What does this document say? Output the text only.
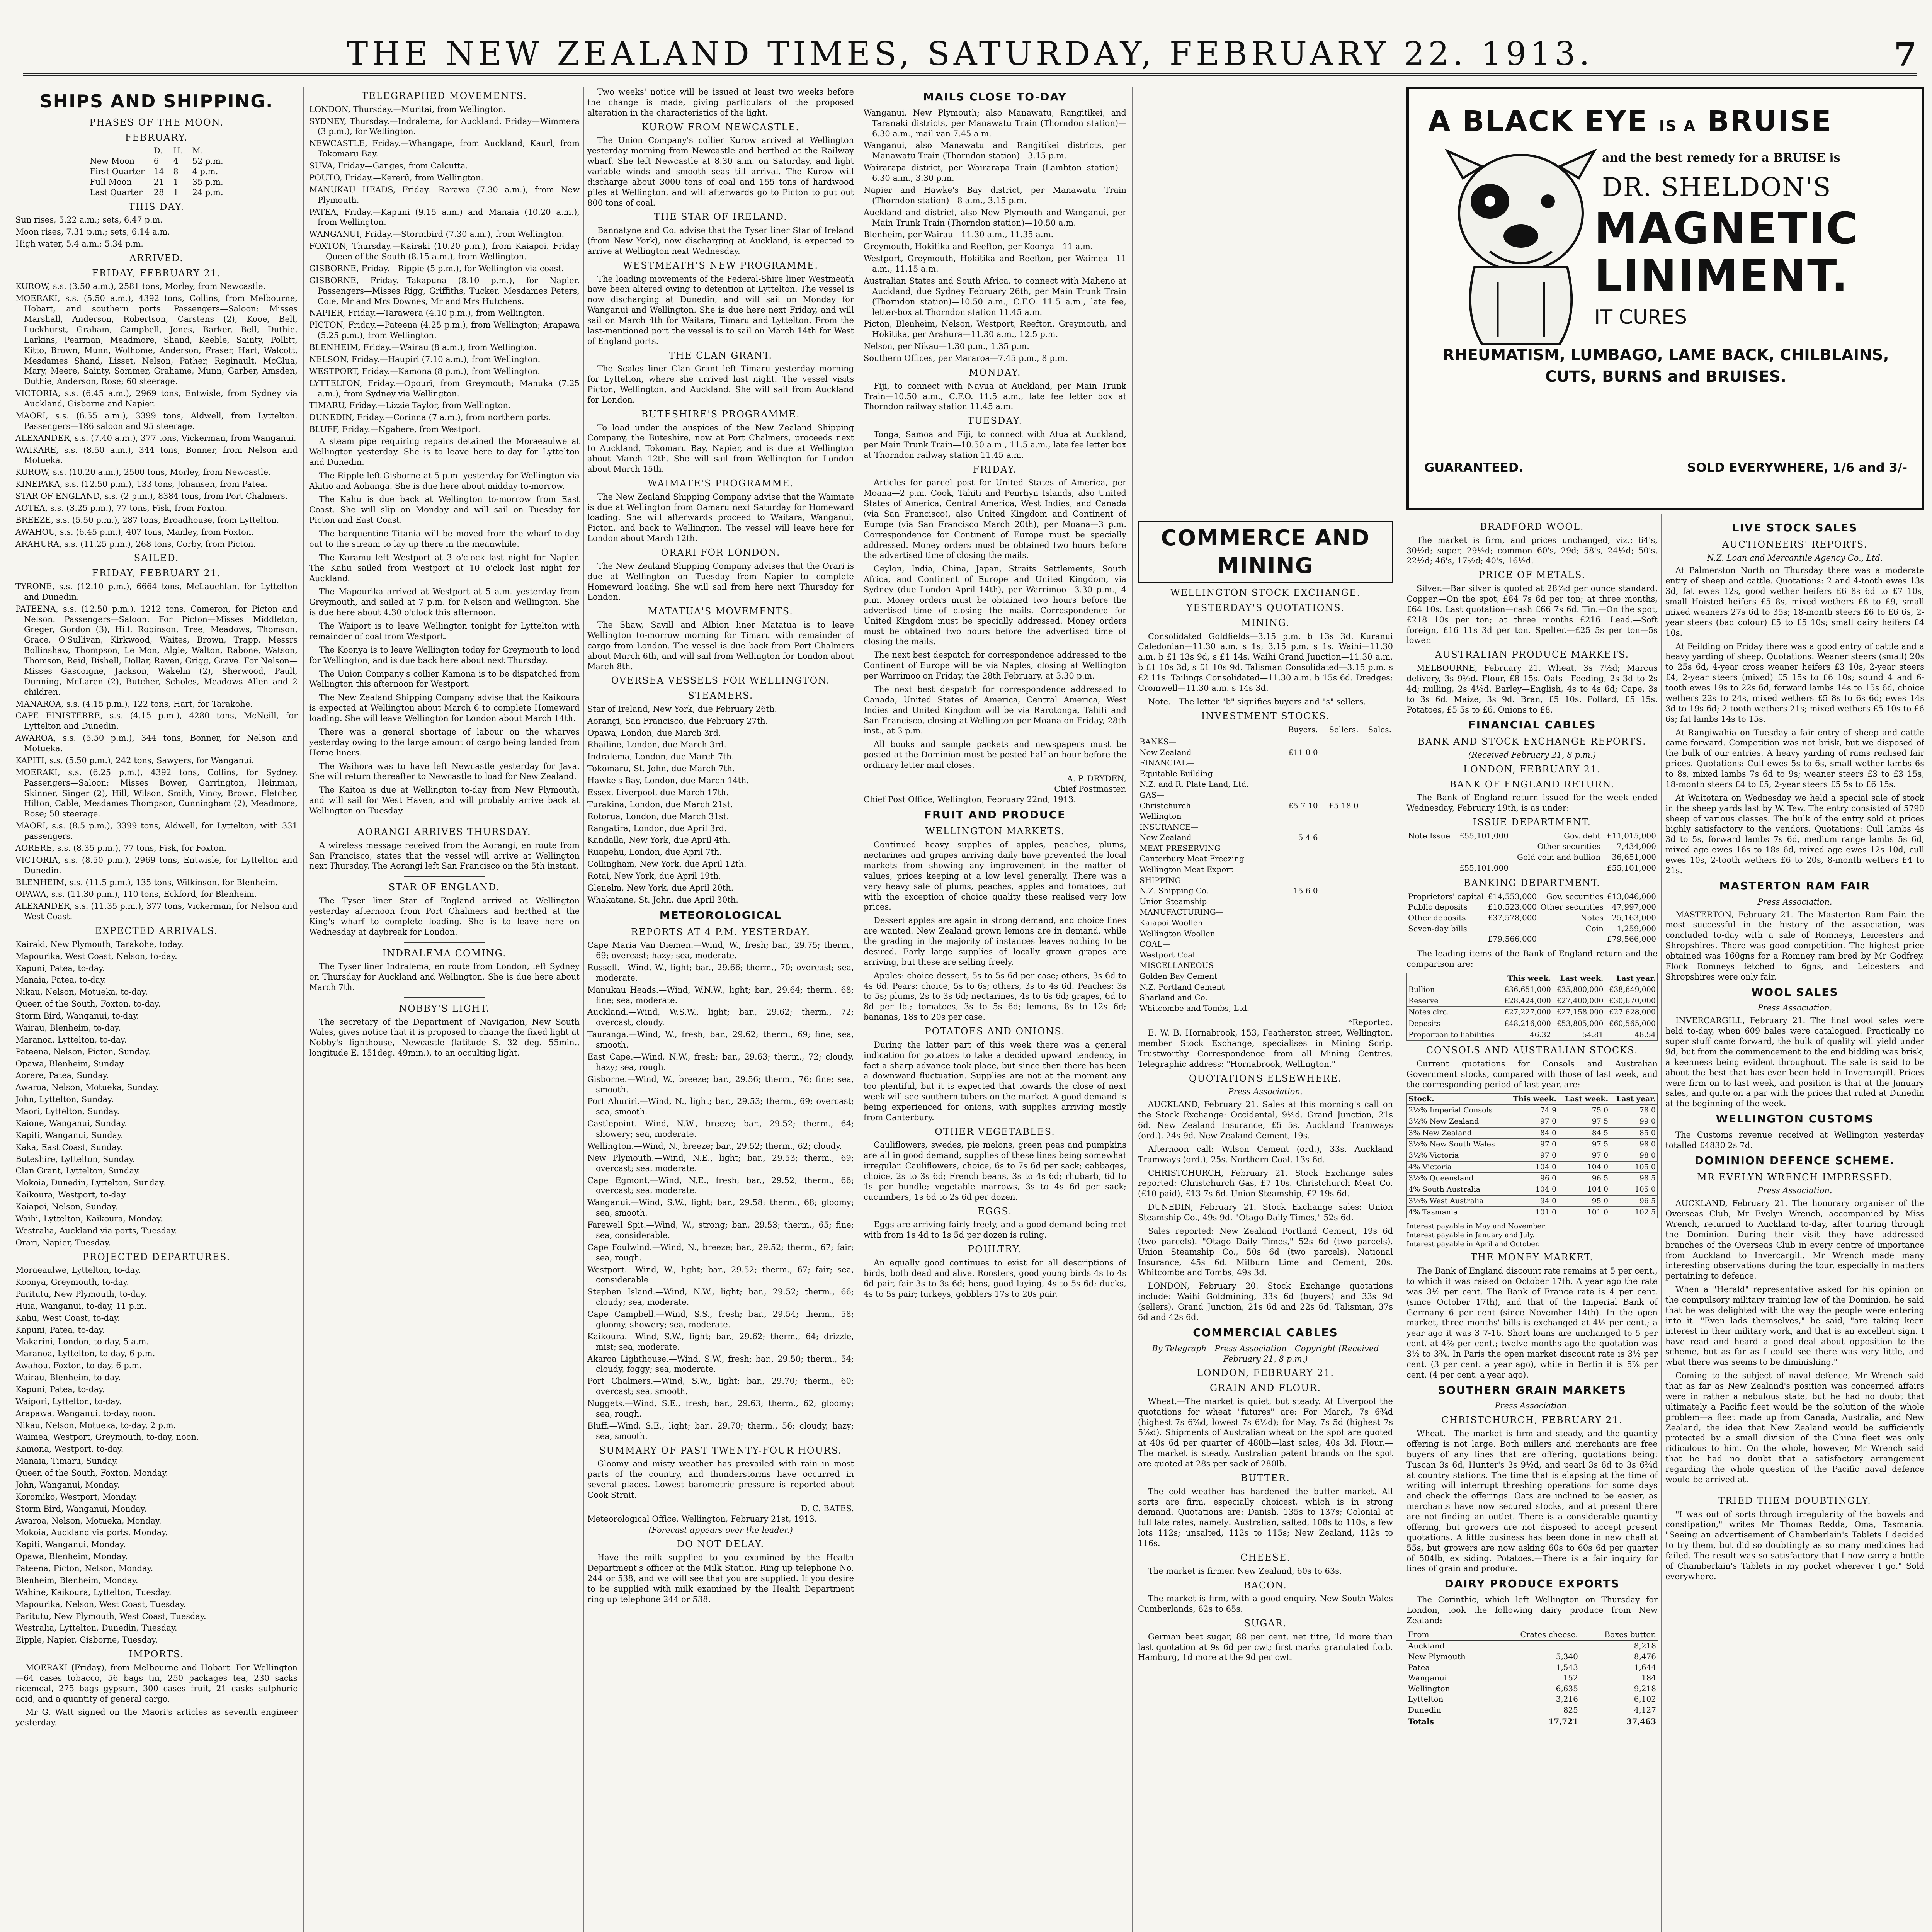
THE NEW ZEALAND TIMES, SATURDAY, FEBRUARY 22. 1913.	7
SHIPS AND SHIPPING.
PHASES OF THE MOON.
FEBRUARY.
	D.	H.	M.
New Moon	6	4	52 p.m.
First Quarter	14	8	4 p.m.
Full Moon	21	1	35 p.m.
Last Quarter	28	1	24 p.m.
THIS DAY.

Sun rises, 5.22 a.m.; sets, 6.47 p.m.

Moon rises, 7.31 p.m.; sets, 6.14 a.m.

High water, 5.4 a.m.; 5.34 p.m.

ARRIVED.
FRIDAY, FEBRUARY 21.

KUROW, s.s. (3.50 a.m.), 2581 tons, Morley, from Newcastle.

MOERAKI, s.s. (5.50 a.m.), 4392 tons, Collins, from Melbourne, Hobart, and southern ports. Passengers—Saloon: Misses Marshall, Anderson, Robertson, Carstens (2), Kooe, Bell, Luckhurst, Graham, Campbell, Jones, Barker, Bell, Duthie, Larkins, Pearman, Meadmore, Shand, Keeble, Sainty, Pollitt, Kitto, Brown, Munn, Wolhome, Anderson, Fraser, Hart, Walcott, Mesdames Shand, Lisset, Nelson, Pather, Reginault, McGlua, Mary, Meere, Sainty, Sommer, Grahame, Munn, Garber, Amsden, Duthie, Anderson, Rose; 60 steerage.

VICTORIA, s.s. (6.45 a.m.), 2969 tons, Entwisle, from Sydney via Auckland, Gisborne and Napier.

MAORI, s.s. (6.55 a.m.), 3399 tons, Aldwell, from Lyttelton. Passengers—186 saloon and 95 steerage.

ALEXANDER, s.s. (7.40 a.m.), 377 tons, Vickerman, from Wanganui.

WAIKARE, s.s. (8.50 a.m.), 344 tons, Bonner, from Nelson and Motueka.

KUROW, s.s. (10.20 a.m.), 2500 tons, Morley, from Newcastle.

KINEPAKA, s.s. (12.50 p.m.), 133 tons, Johansen, from Patea.

STAR OF ENGLAND, s.s. (2 p.m.), 8384 tons, from Port Chalmers.

AOTEA, s.s. (3.25 p.m.), 77 tons, Fisk, from Foxton.

BREEZE, s.s. (5.50 p.m.), 287 tons, Broadhouse, from Lyttelton.

AWAHOU, s.s. (6.45 p.m.), 407 tons, Manley, from Foxton.

ARAHURA, s.s. (11.25 p.m.), 268 tons, Corby, from Picton.

SAILED.
FRIDAY, FEBRUARY 21.

TYRONE, s.s. (12.10 p.m.), 6664 tons, McLauchlan, for Lyttelton and Dunedin.

PATEENA, s.s. (12.50 p.m.), 1212 tons, Cameron, for Picton and Nelson. Passengers—Saloon: For Picton—Misses Middleton, Greger, Gordon (3), Hill, Robinson, Tree, Meadows, Thomson, Grace, O'Sullivan, Kirkwood, Waites, Brown, Trapp, Messrs Bollinshaw, Thompson, Le Mon, Algie, Walton, Rabone, Watson, Thomson, Reid, Bishell, Dollar, Raven, Grigg, Grave. For Nelson—Misses Gascoigne, Jackson, Wakelin (2), Sherwood, Paull, Dunning, McLaren (2), Butcher, Scholes, Meadows Allen and 2 children.

MANAROA, s.s. (4.15 p.m.), 122 tons, Hart, for Tarakohe.

CAPE FINISTERRE, s.s. (4.15 p.m.), 4280 tons, McNeill, for Lyttelton and Dunedin.

AWAROA, s.s. (5.50 p.m.), 344 tons, Bonner, for Nelson and Motueka.

KAPITI, s.s. (5.50 p.m.), 242 tons, Sawyers, for Wanganui.

MOERAKI, s.s. (6.25 p.m.), 4392 tons, Collins, for Sydney. Passengers—Saloon: Misses Bower, Garrington, Heinman, Skinner, Singer (2), Hill, Wilson, Smith, Vincy, Brown, Fletcher, Hilton, Cable, Mesdames Thompson, Cunningham (2), Meadmore, Rose; 50 steerage.

MAORI, s.s. (8.5 p.m.), 3399 tons, Aldwell, for Lyttelton, with 331 passengers.

AORERE, s.s. (8.35 p.m.), 77 tons, Fisk, for Foxton.

VICTORIA, s.s. (8.50 p.m.), 2969 tons, Entwisle, for Lyttelton and Dunedin.

BLENHEIM, s.s. (11.5 p.m.), 135 tons, Wilkinson, for Blenheim.

OPAWA, s.s. (11.30 p.m.), 110 tons, Eckford, for Blenheim.

ALEXANDER, s.s. (11.35 p.m.), 377 tons, Vickerman, for Nelson and West Coast.

EXPECTED ARRIVALS.

Kairaki, New Plymouth, Tarakohe, today.

Mapourika, West Coast, Nelson, to-day.

Kapuni, Patea, to-day.

Manaia, Patea, to-day.

Nikau, Nelson, Motueka, to-day.

Queen of the South, Foxton, to-day.

Storm Bird, Wanganui, to-day.

Wairau, Blenheim, to-day.

Maranoa, Lyttelton, to-day.

Pateena, Nelson, Picton, Sunday.

Opawa, Blenheim, Sunday.

Aorere, Patea, Sunday.

Awaroa, Nelson, Motueka, Sunday.

John, Lyttelton, Sunday.

Maori, Lyttelton, Sunday.

Kaione, Wanganui, Sunday.

Kapiti, Wanganui, Sunday.

Kaka, East Coast, Sunday.

Buteshire, Lyttelton, Sunday.

Clan Grant, Lyttelton, Sunday.

Mokoia, Dunedin, Lyttelton, Sunday.

Kaikoura, Westport, to-day.

Kaiapoi, Nelson, Sunday.

Waihi, Lyttelton, Kaikoura, Monday.

Westralia, Auckland via ports, Tuesday.

Orari, Napier, Tuesday.

PROJECTED DEPARTURES.

Moraeaulwe, Lyttelton, to-day.

Koonya, Greymouth, to-day.

Paritutu, New Plymouth, to-day.

Huia, Wanganui, to-day, 11 p.m.

Kahu, West Coast, to-day.

Kapuni, Patea, to-day.

Makarini, London, to-day, 5 a.m.

Maranoa, Lyttelton, to-day, 6 p.m.

Awahou, Foxton, to-day, 6 p.m.

Wairau, Blenheim, to-day.

Kapuni, Patea, to-day.

Waipori, Lyttelton, to-day.

Arapawa, Wanganui, to-day, noon.

Nikau, Nelson, Motueka, to-day, 2 p.m.

Waimea, Westport, Greymouth, to-day, noon.

Kamona, Westport, to-day.

Manaia, Timaru, Sunday.

Queen of the South, Foxton, Monday.

John, Wanganui, Monday.

Koromiko, Westport, Monday.

Storm Bird, Wanganui, Monday.

Awaroa, Nelson, Motueka, Monday.

Mokoia, Auckland via ports, Monday.

Kapiti, Wanganui, Monday.

Opawa, Blenheim, Monday.

Pateena, Picton, Nelson, Monday.

Blenheim, Blenheim, Monday.

Wahine, Kaikoura, Lyttelton, Tuesday.

Mapourika, Nelson, West Coast, Tuesday.

Paritutu, New Plymouth, West Coast, Tuesday.

Westralia, Lyttelton, Dunedin, Tuesday.

Eipple, Napier, Gisborne, Tuesday.

IMPORTS.

MOERAKI (Friday), from Melbourne and Hobart. For Wellington—64 cases tobacco, 56 bags tin, 250 packages tea, 230 sacks ricemeal, 275 bags gypsum, 300 cases fruit, 21 casks sulphuric acid, and a quantity of general cargo.

Mr G. Watt signed on the Maori's articles as seventh engineer yesterday.

TELEGRAPHED MOVEMENTS.

LONDON, Thursday.—Muritai, from Wellington.

SYDNEY, Thursday.—Indralema, for Auckland. Friday—Wimmera (3 p.m.), for Wellington.

NEWCASTLE, Friday.—Whangape, from Auckland; Kaurl, from Tokomaru Bay.

SUVA, Friday—Ganges, from Calcutta.

POUTO, Friday.—Kererū, from Wellington.

MANUKAU HEADS, Friday.—Rarawa (7.30 a.m.), from New Plymouth.

PATEA, Friday.—Kapuni (9.15 a.m.) and Manaia (10.20 a.m.), from Wellington.

WANGANUI, Friday.—Stormbird (7.30 a.m.), from Wellington.

FOXTON, Thursday.—Kairaki (10.20 p.m.), from Kaiapoi. Friday—Queen of the South (8.15 a.m.), from Wellington.

GISBORNE, Friday.—Rippie (5 p.m.), for Wellington via coast.

GISBORNE, Friday.—Takapuna (8.10 p.m.), for Napier. Passengers—Misses Rigg, Griffiths, Tucker, Mesdames Peters, Cole, Mr and Mrs Downes, Mr and Mrs Hutchens.

NAPIER, Friday.—Tarawera (4.10 p.m.), from Wellington.

PICTON, Friday.—Pateena (4.25 p.m.), from Wellington; Arapawa (5.25 p.m.), from Wellington.

BLENHEIM, Friday.—Wairau (8 a.m.), from Wellington.

NELSON, Friday.—Haupiri (7.10 a.m.), from Wellington.

WESTPORT, Friday.—Kamona (8 p.m.), from Wellington.

LYTTELTON, Friday.—Opouri, from Greymouth; Manuka (7.25 a.m.), from Sydney via Wellington.

TIMARU, Friday.—Lizzie Taylor, from Wellington.

DUNEDIN, Friday.—Corinna (7 a.m.), from northern ports.

BLUFF, Friday.—Ngahere, from Westport.

A steam pipe requiring repairs detained the Moraeaulwe at Wellington yesterday. She is to leave here to-day for Lyttelton and Dunedin.

The Ripple left Gisborne at 5 p.m. yesterday for Wellington via Akitio and Aohanga. She is due here about midday to-morrow.

The Kahu is due back at Wellington to-morrow from East Coast. She will slip on Monday and will sail on Tuesday for Picton and East Coast.

The barquentine Titania will be moved from the wharf to-day out to the stream to lay up there in the meanwhile.

The Karamu left Westport at 3 o'clock last night for Napier. The Kahu sailed from Westport at 10 o'clock last night for Auckland.

The Mapourika arrived at Westport at 5 a.m. yesterday from Greymouth, and sailed at 7 p.m. for Nelson and Wellington. She is due here about 4.30 o'clock this afternoon.

The Waiport is to leave Wellington tonight for Lyttelton with remainder of coal from Westport.

The Koonya is to leave Wellington today for Greymouth to load for Wellington, and is due back here about next Thursday.

The Union Company's collier Kamona is to be dispatched from Wellington this afternoon for Westport.

The New Zealand Shipping Company advise that the Kaikoura is expected at Wellington about March 6 to complete Homeward loading. She will leave Wellington for London about March 14th.

There was a general shortage of labour on the wharves yesterday owing to the large amount of cargo being landed from Home liners.

The Waihora was to have left Newcastle yesterday for Java. She will return thereafter to Newcastle to load for New Zealand.

The Kaitoa is due at Wellington to-day from New Plymouth, and will sail for West Haven, and will probably arrive back at Wellington on Tuesday.

AORANGI ARRIVES THURSDAY.

A wireless message received from the Aorangi, en route from San Francisco, states that the vessel will arrive at Wellington next Thursday. The Aorangi left San Francisco on the 5th instant.

STAR OF ENGLAND.

The Tyser liner Star of England arrived at Wellington yesterday afternoon from Port Chalmers and berthed at the King's wharf to complete loading. She is to leave here on Wednesday at daybreak for London.

INDRALEMA COMING.

The Tyser liner Indralema, en route from London, left Sydney on Thursday for Auckland and Wellington. She is due here about March 7th.

NOBBY'S LIGHT.

The secretary of the Department of Navigation, New South Wales, gives notice that it is proposed to change the fixed light at Nobby's lighthouse, Newcastle (latitude S. 32 deg. 55min., longitude E. 151deg. 49min.), to an occulting light.

Two weeks' notice will be issued at least two weeks before the change is made, giving particulars of the proposed alteration in the characteristics of the light.

KUROW FROM NEWCASTLE.

The Union Company's collier Kurow arrived at Wellington yesterday morning from Newcastle and berthed at the Railway wharf. She left Newcastle at 8.30 a.m. on Saturday, and light variable winds and smooth seas till arrival. The Kurow will discharge about 3000 tons of coal and 155 tons of hardwood piles at Wellington, and will afterwards go to Picton to put out 800 tons of coal.

THE STAR OF IRELAND.

Bannatyne and Co. advise that the Tyser liner Star of Ireland (from New York), now discharging at Auckland, is expected to arrive at Wellington next Wednesday.

WESTMEATH'S NEW PROGRAMME.

The loading movements of the Federal-Shire liner Westmeath have been altered owing to detention at Lyttelton. The vessel is now discharging at Dunedin, and will sail on Monday for Wanganui and Wellington. She is due here next Friday, and will sail on March 4th for Waitara, Timaru and Lyttelton. From the last-mentioned port the vessel is to sail on March 14th for West of England ports.

THE CLAN GRANT.

The Scales liner Clan Grant left Timaru yesterday morning for Lyttelton, where she arrived last night. The vessel visits Picton, Wellington, and Auckland. She will sail from Auckland for London.

BUTESHIRE'S PROGRAMME.

To load under the auspices of the New Zealand Shipping Company, the Buteshire, now at Port Chalmers, proceeds next to Auckland, Tokomaru Bay, Napier, and is due at Wellington about March 12th. She will sail from Wellington for London about March 15th.

WAIMATE'S PROGRAMME.

The New Zealand Shipping Company advise that the Waimate is due at Wellington from Oamaru next Saturday for Homeward loading. She will afterwards proceed to Waitara, Wanganui, Picton, and back to Wellington. The vessel will leave here for London about March 12th.

ORARI FOR LONDON.

The New Zealand Shipping Company advises that the Orari is due at Wellington on Tuesday from Napier to complete Homeward loading. She will sail from here next Thursday for London.

MATATUA'S MOVEMENTS.

The Shaw, Savill and Albion liner Matatua is to leave Wellington to-morrow morning for Timaru with remainder of cargo from London. The vessel is due back from Port Chalmers about March 6th, and will sail from Wellington for London about March 8th.

OVERSEA VESSELS FOR WELLINGTON.
STEAMERS.

Star of Ireland, New York, due February 26th.

Aorangi, San Francisco, due February 27th.

Opawa, London, due March 3rd.

Rhailine, London, due March 3rd.

Indralema, London, due March 7th.

Tokomaru, St. John, due March 7th.

Hawke's Bay, London, due March 14th.

Essex, Liverpool, due March 17th.

Turakina, London, due March 21st.

Rotorua, London, due March 31st.

Rangatira, London, due April 3rd.

Kandalla, New York, due April 4th.

Ruapehu, London, due April 7th.

Collingham, New York, due April 12th.

Rotai, New York, due April 19th.

Glenelm, New York, due April 20th.

Whakatane, St. John, due April 30th.

METEOROLOGICAL
REPORTS AT 4 P.M. YESTERDAY.

Cape Maria Van Diemen.—Wind, W., fresh; bar., 29.75; therm., 69; overcast; hazy; sea, moderate.

Russell.—Wind, W., light; bar., 29.66; therm., 70; overcast; sea, moderate.

Manukau Heads.—Wind, W.N.W., light; bar., 29.64; therm., 68; fine; sea, moderate.

Auckland.—Wind, W.S.W., light; bar., 29.62; therm., 72; overcast, cloudy.

Tauranga.—Wind, W., fresh; bar., 29.62; therm., 69; fine; sea, smooth.

East Cape.—Wind, N.W., fresh; bar., 29.63; therm., 72; cloudy, hazy; sea, rough.

Gisborne.—Wind, W., breeze; bar., 29.56; therm., 76; fine; sea, smooth.

Port Ahuriri.—Wind, N., light; bar., 29.53; therm., 69; overcast; sea, smooth.

Castlepoint.—Wind, N.W., breeze; bar., 29.52; therm., 64; showery; sea, moderate.

Wellington.—Wind, N., breeze; bar., 29.52; therm., 62; cloudy.

New Plymouth.—Wind, N.E., light; bar., 29.53; therm., 69; overcast; sea, moderate.

Cape Egmont.—Wind, N.E., fresh; bar., 29.52; therm., 66; overcast; sea, moderate.

Wanganui.—Wind, S.W., light; bar., 29.58; therm., 68; gloomy; sea, smooth.

Farewell Spit.—Wind, W., strong; bar., 29.53; therm., 65; fine; sea, considerable.

Cape Foulwind.—Wind, N., breeze; bar., 29.52; therm., 67; fair; sea, rough.

Westport.—Wind, W., light; bar., 29.52; therm., 67; fair; sea, considerable.

Stephen Island.—Wind, N.W., light; bar., 29.52; therm., 66; cloudy; sea, moderate.

Cape Campbell.—Wind, S.S., fresh; bar., 29.54; therm., 58; gloomy, showery; sea, moderate.

Kaikoura.—Wind, S.W., light; bar., 29.62; therm., 64; drizzle, mist; sea, moderate.

Akaroa Lighthouse.—Wind, S.W., fresh; bar., 29.50; therm., 54; cloudy, foggy; sea, moderate.

Port Chalmers.—Wind, S.W., light; bar., 29.70; therm., 60; overcast; sea, smooth.

Nuggets.—Wind, S.E., fresh; bar., 29.63; therm., 62; gloomy; sea, rough.

Bluff.—Wind, S.E., light; bar., 29.70; therm., 56; cloudy, hazy; sea, smooth.

SUMMARY OF PAST TWENTY-FOUR HOURS.

Gloomy and misty weather has prevailed with rain in most parts of the country, and thunderstorms have occurred in several places. Lowest barometric pressure is reported about Cook Strait.

D. C. BATES.
Meteorological Office, Wellington, February 21st, 1913.
(Forecast appears over the leader.)
DO NOT DELAY.

Have the milk supplied to you examined by the Health Department's officer at the Milk Station. Ring up telephone No. 244 or 538, and we will see that you are supplied. If you desire to be supplied with milk examined by the Health Department ring up telephone 244 or 538.

MAILS CLOSE TO-DAY

Wanganui, New Plymouth; also Manawatu, Rangitikei, and Taranaki districts, per Manawatu Train (Thorndon station)—6.30 a.m., mail van 7.45 a.m.

Wanganui, also Manawatu and Rangitikei districts, per Manawatu Train (Thorndon station)—3.15 p.m.

Wairarapa district, per Wairarapa Train (Lambton station)—6.30 a.m., 3.30 p.m.

Napier and Hawke's Bay district, per Manawatu Train (Thorndon station)—8 a.m., 3.15 p.m.

Auckland and district, also New Plymouth and Wanganui, per Main Trunk Train (Thorndon station)—10.50 a.m.

Blenheim, per Wairau—11.30 a.m., 11.35 a.m.

Greymouth, Hokitika and Reefton, per Koonya—11 a.m.

Westport, Greymouth, Hokitika and Reefton, per Waimea—11 a.m., 11.15 a.m.

Australian States and South Africa, to connect with Maheno at Auckland, due Sydney February 26th, per Main Trunk Train (Thorndon station)—10.50 a.m., C.F.O. 11.5 a.m., late fee, letter-box at Thorndon station 11.45 a.m.

Picton, Blenheim, Nelson, Westport, Reefton, Greymouth, and Hokitika, per Arahura—11.30 a.m., 12.5 p.m.

Nelson, per Nikau—1.30 p.m., 1.35 p.m.

Southern Offices, per Mararoa—7.45 p.m., 8 p.m.

MONDAY.

Fiji, to connect with Navua at Auckland, per Main Trunk Train—10.50 a.m., C.F.O. 11.5 a.m., late fee letter box at Thorndon railway station 11.45 a.m.

TUESDAY.

Tonga, Samoa and Fiji, to connect with Atua at Auckland, per Main Trunk Train—10.50 a.m., 11.5 a.m., late fee letter box at Thorndon railway station 11.45 a.m.

FRIDAY.

Articles for parcel post for United States of America, per Moana—2 p.m. Cook, Tahiti and Penrhyn Islands, also United States of America, Central America, West Indies, and Canada (via San Francisco), also United Kingdom and Continent of Europe (via San Francisco March 20th), per Moana—3 p.m. Correspondence for Continent of Europe must be specially addressed. Money orders must be obtained two hours before the advertised time of closing the mails.

Ceylon, India, China, Japan, Straits Settlements, South Africa, and Continent of Europe and United Kingdom, via Sydney (due London April 14th), per Warrimoo—3.30 p.m., 4 p.m. Money orders must be obtained two hours before the advertised time of closing the mails. Correspondence for United Kingdom must be specially addressed. Money orders must be obtained two hours before the advertised time of closing the mails.

The next best despatch for correspondence addressed to the Continent of Europe will be via Naples, closing at Wellington per Warrimoo on Friday, the 28th February, at 3.30 p.m.

The next best despatch for correspondence addressed to Canada, United States of America, Central America, West Indies and United Kingdom will be via Rarotonga, Tahiti and San Francisco, closing at Wellington per Moana on Friday, 28th inst., at 3 p.m.

All books and sample packets and newspapers must be posted at the Dominion must be posted half an hour before the ordinary letter mail closes.

A. P. DRYDEN,
Chief Postmaster.
Chief Post Office, Wellington, February 22nd, 1913.
FRUIT AND PRODUCE
WELLINGTON MARKETS.

Continued heavy supplies of apples, peaches, plums, nectarines and grapes arriving daily have prevented the local markets from showing any improvement in the matter of values, prices keeping at a low level generally. There was a very heavy sale of plums, peaches, apples and tomatoes, but with the exception of choice quality these realised very low prices.

Dessert apples are again in strong demand, and choice lines are wanted. New Zealand grown lemons are in demand, while the grading in the majority of instances leaves nothing to be desired. Early large supplies of locally grown grapes are arriving, but these are selling freely.

Apples: choice dessert, 5s to 5s 6d per case; others, 3s 6d to 4s 6d. Pears: choice, 5s to 6s; others, 3s to 4s 6d. Peaches: 3s to 5s; plums, 2s to 3s 6d; nectarines, 4s to 6s 6d; grapes, 6d to 8d per lb.; tomatoes, 3s to 5s 6d; lemons, 8s to 12s 6d; bananas, 18s to 20s per case.

POTATOES AND ONIONS.

During the latter part of this week there was a general indication for potatoes to take a decided upward tendency, in fact a sharp advance took place, but since then there has been a downward fluctuation. Supplies are not at the moment any too plentiful, but it is expected that towards the close of next week will see southern tubers on the market. A good demand is being experienced for onions, with supplies arriving mostly from Canterbury.

OTHER VEGETABLES.

Cauliflowers, swedes, pie melons, green peas and pumpkins are all in good demand, supplies of these lines being somewhat irregular. Cauliflowers, choice, 6s to 7s 6d per sack; cabbages, choice, 2s to 3s 6d; French beans, 3s to 4s 6d; rhubarb, 6d to 1s per bundle; vegetable marrows, 3s to 4s 6d per sack; cucumbers, 1s 6d to 2s 6d per dozen.

EGGS.

Eggs are arriving fairly freely, and a good demand being met with from 1s 4d to 1s 5d per dozen is ruling.

POULTRY.

An equally good continues to exist for all descriptions of birds, both dead and alive. Roosters, good young birds 4s to 4s 6d pair, fair 3s to 3s 6d; hens, good laying, 4s to 5s 6d; ducks, 4s to 5s pair; turkeys, gobblers 17s to 20s pair.

COMMERCE AND MINING
WELLINGTON STOCK EXCHANGE.
YESTERDAY'S QUOTATIONS.
MINING.

Consolidated Goldfields—3.15 p.m. b 13s 3d. Kuranui Caledonian—11.30 a.m. s 1s; 3.15 p.m. s 1s. Waihi—11.30 a.m. b £1 13s 9d, s £1 14s. Waihi Grand Junction—11.30 a.m. b £1 10s 3d, s £1 10s 9d. Talisman Consolidated—3.15 p.m. s £2 11s. Tailings Consolidated—11.30 a.m. b 15s 6d. Dredges: Cromwell—11.30 a.m. s 14s 3d.

Note.—The letter "b" signifies buyers and "s" sellers.

INVESTMENT STOCKS.
	Buyers.	Sellers.	Sales.
BANKS—			
New Zealand	£11 0 0		
FINANCIAL—			
Equitable Building			
N.Z. and R. Plate Land, Ltd.			
GAS—			
Christchurch	£5 7 10	£5 18 0	
Wellington			
INSURANCE—			
New Zealand	5 4 6		
MEAT PRESERVING—			
Canterbury Meat Freezing			
Wellington Meat Export			
SHIPPING—			
N.Z. Shipping Co.	15 6 0		
Union Steamship			
MANUFACTURING—			
Kaiapoi Woollen			
Wellington Woollen			
COAL—			
Westport Coal			
MISCELLANEOUS—			
Golden Bay Cement			
N.Z. Portland Cement			
Sharland and Co.			
Whitcombe and Tombs, Ltd.			
*Reported.

E. W. B. Hornabrook, 153, Featherston street, Wellington, member Stock Exchange, specialises in Mining Scrip. Trustworthy Correspondence from all Mining Centres. Telegraphic address: "Hornabrook, Wellington."

QUOTATIONS ELSEWHERE.
Press Association.

AUCKLAND, February 21. Sales at this morning's call on the Stock Exchange: Occidental, 9½d. Grand Junction, 21s 6d. New Zealand Insurance, £5 5s. Auckland Tramways (ord.), 24s 9d. New Zealand Cement, 19s.

Afternoon call: Wilson Cement (ord.), 33s. Auckland Tramways (ord.), 25s. Northern Coal, 13s 6d.

CHRISTCHURCH, February 21. Stock Exchange sales reported: Christchurch Gas, £7 10s. Christchurch Meat Co. (£10 paid), £13 7s 6d. Union Steamship, £2 19s 6d.

DUNEDIN, February 21. Stock Exchange sales: Union Steamship Co., 49s 9d. "Otago Daily Times," 52s 6d.

Sales reported: New Zealand Portland Cement, 19s 6d (two parcels). "Otago Daily Times," 52s 6d (two parcels). Union Steamship Co., 50s 6d (two parcels). National Insurance, 45s 6d. Milburn Lime and Cement, 20s. Whitcombe and Tombs, 49s 3d.

LONDON, February 20. Stock Exchange quotations include: Waihi Goldmining, 33s 6d (buyers) and 33s 9d (sellers). Grand Junction, 21s 6d and 22s 6d. Talisman, 37s 6d and 42s 6d.

COMMERCIAL CABLES
By Telegraph—Press Association—Copyright (Received February 21, 8 p.m.)
LONDON, FEBRUARY 21.
GRAIN AND FLOUR.

Wheat.—The market is quiet, but steady. At Liverpool the quotations for wheat "futures" are: For March, 7s 6¾d (highest 7s 6⅞d, lowest 7s 6½d); for May, 7s 5d (highest 7s 5⅛d). Shipments of Australian wheat on the spot are quoted at 40s 6d per quarter of 480lb—last sales, 40s 3d. Flour.—The market is steady. Australian patent brands on the spot are quoted at 28s per sack of 280lb.

BUTTER.

The cold weather has hardened the butter market. All sorts are firm, especially choicest, which is in strong demand. Quotations are: Danish, 135s to 137s; Colonial at full late rates, namely: Australian, salted, 108s to 110s, a few lots 112s; unsalted, 112s to 115s; New Zealand, 112s to 116s.

CHEESE.

The market is firmer. New Zealand, 60s to 63s.

BACON.

The market is firm, with a good enquiry. New South Wales Cumberlands, 62s to 65s.

SUGAR.

German beet sugar, 88 per cent. net titre, 1d more than last quotation at 9s 6d per cwt; first marks granulated f.o.b. Hamburg, 1d more at the 9d per cwt.

A BLACK EYE IS A BRUISE
and the best remedy for a BRUISE is
DR. SHELDON'S
MAGNETIC LINIMENT.
IT CURES
RHEUMATISM, LUMBAGO, LAME BACK, CHILBLAINS, CUTS, BURNS and BRUISES.
GUARANTEED.	SOLD EVERYWHERE, 1/6 and 3/-
BRADFORD WOOL.

The market is firm, and prices unchanged, viz.: 64's, 30½d; super, 29½d; common 60's, 29d; 58's, 24½d; 50's, 22½d; 46's, 17½d; 40's, 16½d.

PRICE OF METALS.

Silver.—Bar silver is quoted at 28¾d per ounce standard. Copper.—On the spot, £64 7s 6d per ton; at three months, £64 10s. Last quotation—cash £66 7s 6d. Tin.—On the spot, £218 10s per ton; at three months £216. Lead.—Soft foreign, £16 11s 3d per ton. Spelter.—£25 5s per ton—5s lower.

AUSTRALIAN PRODUCE MARKETS.

MELBOURNE, February 21. Wheat, 3s 7½d; Marcus delivery, 3s 9½d. Flour, £8 15s. Oats—Feeding, 2s 3d to 2s 4d; milling, 2s 4½d. Barley—English, 4s to 4s 6d; Cape, 3s to 3s 6d. Maize, 3s 9d. Bran, £5 10s. Pollard, £5 15s. Potatoes, £5 5s to £6. Onions to £8.

FINANCIAL CABLES
BANK AND STOCK EXCHANGE REPORTS.
(Received February 21, 8 p.m.)
LONDON, FEBRUARY 21.
BANK OF ENGLAND RETURN.

The Bank of England return issued for the week ended Wednesday, February 19th, is as under:

ISSUE DEPARTMENT.
Note Issue	£55,101,000	Gov. debt	£11,015,000
		Other securities	7,434,000
		Gold coin and bullion	36,651,000
	£55,101,000		£55,101,000
BANKING DEPARTMENT.
Proprietors' capital	£14,553,000	Gov. securities	£13,046,000
Public deposits	£10,523,000	Other securities	47,997,000
Other deposits	£37,578,000	Notes	25,163,000
Seven-day bills		Coin	1,259,000
	£79,566,000		£79,566,000

The leading items of the Bank of England return and the comparison are:

	This week.	Last week.	Last year.
Bullion	£36,651,000	£35,800,000	£38,649,000
Reserve	£28,424,000	£27,400,000	£30,670,000
Notes circ.	£27,227,000	£27,158,000	£27,628,000
Deposits	£48,216,000	£53,805,000	£60,565,000
Proportion to liabilities	46.32	54.81	48.54
CONSOLS AND AUSTRALIAN STOCKS.

Current quotations for Consols and Australian Government stocks, compared with those of last week, and the corresponding period of last year, are:

Stock.	This week.	Last week.	Last year.
2½% Imperial Consols	74 9	75 0	78 0
3½% New Zealand	97 0	97 5	99 0
3% New Zealand	84 0	84 5	85 0
3½% New South Wales	97 0	97 5	98 0
3½% Victoria	97 0	97 0	98 0
4% Victoria	104 0	104 0	105 0
3½% Queensland	96 0	96 5	98 5
4% South Australia	104 0	104 0	105 0
3½% West Australia	94 0	95 0	96 5
4% Tasmania	101 0	101 0	102 5
Interest payable in May and November.
Interest payable in January and July.
Interest payable in April and October.
THE MONEY MARKET.

The Bank of England discount rate remains at 5 per cent., to which it was raised on October 17th. A year ago the rate was 3½ per cent. The Bank of France rate is 4 per cent. (since October 17th), and that of the Imperial Bank of Germany 6 per cent (since November 14th). In the open market, three months' bills is exchanged at 4½ per cent.; a year ago it was 3 7-16. Short loans are unchanged to 5 per cent. at 4⅞ per cent.; twelve months ago the quotation was 3½ to 3¾. In Paris the open market discount rate is 3½ per cent. (3 per cent. a year ago), while in Berlin it is 5⅞ per cent. (4 per cent. a year ago).

SOUTHERN GRAIN MARKETS
Press Association.
CHRISTCHURCH, FEBRUARY 21.

Wheat.—The market is firm and steady, and the quantity offering is not large. Both millers and merchants are free buyers of any lines that are offering, quotations being: Tuscan 3s 6d, Hunter's 3s 9½d, and pearl 3s 6d to 3s 6¾d at country stations. The time that is elapsing at the time of writing will interrupt threshing operations for some days and check the offerings. Oats are inclined to be easier, as merchants have now secured stocks, and at present there are not finding an outlet. There is a considerable quantity offering, but growers are not disposed to accept present quotations. A little business has been done in new chaff at 55s, but growers are now asking 60s to 60s 6d per quarter of 504lb, ex siding. Potatoes.—There is a fair inquiry for lines of grain and produce.

DAIRY PRODUCE EXPORTS

The Corinthic, which left Wellington on Thursday for London, took the following dairy produce from New Zealand:

From	Crates cheese.	Boxes butter.
Auckland		8,218
New Plymouth	5,340	8,476
Patea	1,543	1,644
Wanganui	152	184
Wellington	6,635	9,218
Lyttelton	3,216	6,102
Dunedin	825	4,127
Totals	17,721	37,463
LIVE STOCK SALES
AUCTIONEERS' REPORTS.
N.Z. Loan and Mercantile Agency Co., Ltd.

At Palmerston North on Thursday there was a moderate entry of sheep and cattle. Quotations: 2 and 4-tooth ewes 13s 3d, fat ewes 12s, good wether heifers £6 8s 6d to £7 10s, small Hoisted heifers £5 8s, mixed wethers £8 to £9, small mixed weaners 27s 6d to 35s; 18-month steers £6 to £6 6s, 2-year steers (bad colour) £5 to £5 10s; small dairy heifers £4 10s.

At Feilding on Friday there was a good entry of cattle and a heavy yarding of sheep. Quotations: Weaner steers (small) 20s to 25s 6d, 4-year cross weaner heifers £3 10s, 2-year steers £4, 2-year steers (mixed) £5 15s to £6 10s; sound 4 and 6-tooth ewes 19s to 22s 6d, forward lambs 14s to 15s 6d, choice wethers 22s to 24s, mixed wethers £5 8s to 6s 6d; ewes 14s 3d to 19s 6d; 2-tooth wethers 21s; mixed wethers £5 10s to £6 6s; fat lambs 14s to 15s.

At Rangiwahia on Tuesday a fair entry of sheep and cattle came forward. Competition was not brisk, but we disposed of the bulk of our entries. A heavy yarding of rams realised fair prices. Quotations: Cull ewes 5s to 6s, small wether lambs 6s to 8s, mixed lambs 7s 6d to 9s; weaner steers £3 to £3 15s, 18-month steers £4 to £5, 2-year steers £5 5s to £6 15s.

At Waitotara on Wednesday we held a special sale of stock in the sheep yards last by W. Tew. The entry consisted of 5790 sheep of various classes. The bulk of the entry sold at prices highly satisfactory to the vendors. Quotations: Cull lambs 4s 3d to 5s, forward lambs 7s 6d, medium range lambs 5s 6d, mixed age ewes 16s to 18s 6d, mixed age ewes 12s 10d, cull ewes 10s, 2-tooth wethers £6 to 20s, 8-month wethers £4 to 21s.

MASTERTON RAM FAIR
Press Association.

MASTERTON, February 21. The Masterton Ram Fair, the most successful in the history of the association, was concluded to-day with a sale of Romneys, Leicesters and Shropshires. There was good competition. The highest price obtained was 160gns for a Romney ram bred by Mr Godfrey. Flock Romneys fetched to 6gns, and Leicesters and Shropshires were only fair.

WOOL SALES
Press Association.

INVERCARGILL, February 21. The final wool sales were held to-day, when 609 bales were catalogued. Practically no super stuff came forward, the bulk of quality will yield under 9d, but from the commencement to the end bidding was brisk, a keenness being evident throughout. The sale is said to be about the best that has ever been held in Invercargill. Prices were firm on to last week, and position is that at the January sales, and quite on a par with the prices that ruled at Dunedin at the beginning of the week.

WELLINGTON CUSTOMS

The Customs revenue received at Wellington yesterday totalled £4830 2s 7d.

DOMINION DEFENCE SCHEME.
MR EVELYN WRENCH IMPRESSED.
Press Association.

AUCKLAND, February 21. The honorary organiser of the Overseas Club, Mr Evelyn Wrench, accompanied by Miss Wrench, returned to Auckland to-day, after touring through the Dominion. During their visit they have addressed branches of the Overseas Club in every centre of importance from Auckland to Invercargill. Mr Wrench made many interesting observations during the tour, especially in matters pertaining to defence.

When a "Herald" representative asked for his opinion on the compulsory military training law of the Dominion, he said that he was delighted with the way the people were entering into it. "Even lads themselves," he said, "are taking keen interest in their military work, and that is an excellent sign. I have read and heard a good deal about opposition to the scheme, but as far as I could see there was very little, and what there was seems to be diminishing."

Coming to the subject of naval defence, Mr Wrench said that as far as New Zealand's position was concerned affairs were in rather a nebulous state, but he had no doubt that ultimately a Pacific fleet would be the solution of the whole problem—a fleet made up from Canada, Australia, and New Zealand, the idea that New Zealand would be sufficiently protected by a small division of the China fleet was only ridiculous to him. On the whole, however, Mr Wrench said that he had no doubt that a satisfactory arrangement regarding the whole question of the Pacific naval defence would be arrived at.

TRIED THEM DOUBTINGLY.

"I was out of sorts through irregularity of the bowels and constipation," writes Mr Thomas Redda, Oma, Tasmania. "Seeing an advertisement of Chamberlain's Tablets I decided to try them, but did so doubtingly as so many medicines had failed. The result was so satisfactory that I now carry a bottle of Chamberlain's Tablets in my pocket wherever I go." Sold everywhere.
